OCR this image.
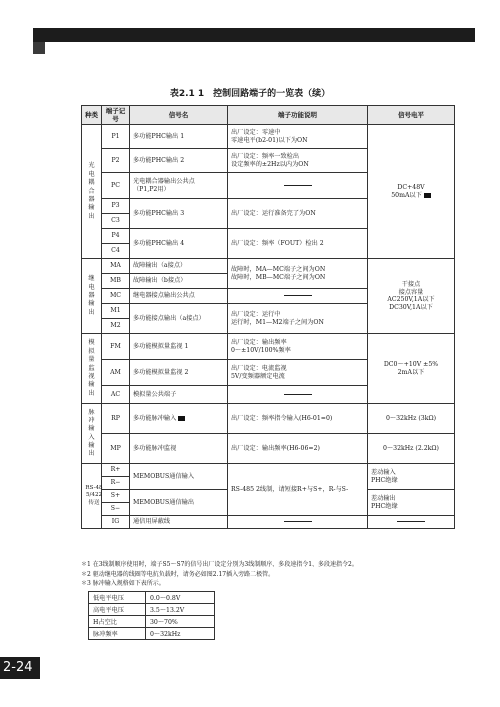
表2.1 1　控制回路端子的一览表（续）
种类	端子记号	信号名	端子功能说明	信号电平
光电耦合器输出	P1	多功能PHC输出 1	出厂设定：零速中
零速电平(b2-01)以下为ON	DC+48V
50mA以下
	P2	多功能PHC输出 2	出厂设定：频率一致检出
设定频率的±2Hz以内为ON	
	PC	光电耦合器输出公共点
（P1,P2用）		
	P3	多功能PHC输出 3	出厂设定：运行准备完了为ON	
	C3			
	P4	多功能PHC输出 4	出厂设定：频率（FOUT）检出 2	
	C4			
继电器输出	MA	故障输出（a接点）	故障时，MA—MC端子之间为ON
故障时，MB—MC端子之间为ON	干接点
接点容量
AC250V,1A以下
DC30V,1A以下
	MB	故障输出（b接点）		
	MC	继电器接点输出公共点		
	M1	多功能接点输出（a接点）	出厂设定：运行中
运行时，M1—M2端子之间为ON	
	M2			
模拟量监视输出	FM	多功能模拟量监视 1	出厂设定：输出频率
0～±10V/100%频率	DC0～+10V ±5%
2mA以下
	AM	多功能模拟量监视 2	出厂设定：电流监视
5V/变频器额定电流	
	AC	模拟量公共端子		
脉冲输入输出	RP	多功能脉冲输入	出厂设定：频率指令输入(H6-01=0)	0～32kHz (3kΩ)
	MP	多功能脉冲监视	出厂设定：输出频率(H6-06=2)	0～32kHz (2.2kΩ)
RS-485/422传送	R+	MEMOBUS通信输入	RS-485 2线制，请短接R+与S+，R-与S-	差动输入
PHC绝缘
	R−			
	S+	MEMOBUS通信输出		差动输出
PHC绝缘
	S−			
	IG	通信用屏蔽线		
＊1 在3线制顺序使用时，端子S5～S7的信号出厂设定分别为3线制顺序、多段速指令1、多段速指令2。
＊2 驱动继电器的线圈等电抗负载时，请务必如图2.17插入旁路二极管。
＊3 脉冲输入规格如下表所示。
低电平电压	0.0～0.8V
高电平电压	3.5～13.2V
H占空比	30～70%
脉冲频率	0～32kHz
2-24
